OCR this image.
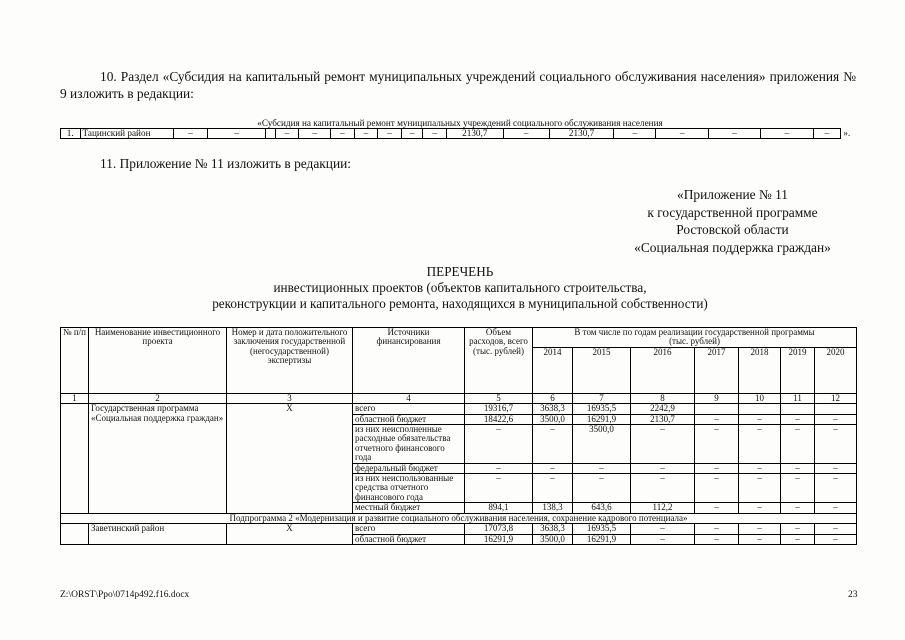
10. Раздел «Субсидия на капитальный ремонт муниципальных учреждений социального обслуживания населения» приложения № 9 изложить в редакции:
«Субсидия на капитальный ремонт муниципальных учреждений социального обслуживания населения
1.	Тацинский район	–	–		–	–	–	–	–	–	–	2130,7	–	2130,7	–	–	–	–	–	».
11. Приложение № 11 изложить в редакции:
«Приложение № 11
к государственной программе
Ростовской области
«Социальная поддержка граждан»
ПЕРЕЧЕНЬ
инвестиционных проектов (объектов капитального строительства,
реконструкции и капитального ремонта, находящихся в муниципальной собственности)
№ п/п	Наименование инвестиционного проекта	Номер и дата положительного заключения государственной (негосударственной) экспертизы	Источники финансирования	Объем расходов, всего (тыс. рублей)	В том числе по годам реализации государственной программы (тыс. рублей)						
					2014	2015	2016	2017	2018	2019	2020
1	2	3	4	5	6	7	8	9	10	11	12
	Государственная программа «Социальная поддержка граждан»	Х	всего	19316,7	3638,3	16935,5	2242,9				
			областной бюджет	18422,6	3500,0	16291,9	2130,7	–	–	–	–
			из них неисполненные расходные обязательства отчетного финансового года	–	–	3500,0	–	–	–	–	–
			федеральный бюджет	–	–	–	–	–	–	–	–
			из них неиспользованные средства отчетного финансового года	–	–	–	–	–	–	–	–
			местный бюджет	894,1	138,3	643,6	112,2	–	–	–	–
Подпрограмма 2 «Модернизация и развитие социального обслуживания населения, сохранение кадрового потенциала»											
	Заветинский район	Х	всего	17073,8	3638,3	16935,5	–	–	–	–	–
			областной бюджет	16291,9	3500,0	16291,9	–	–	–	–	–
Z:\ORST\Ppo\0714p492.f16.docx	23
